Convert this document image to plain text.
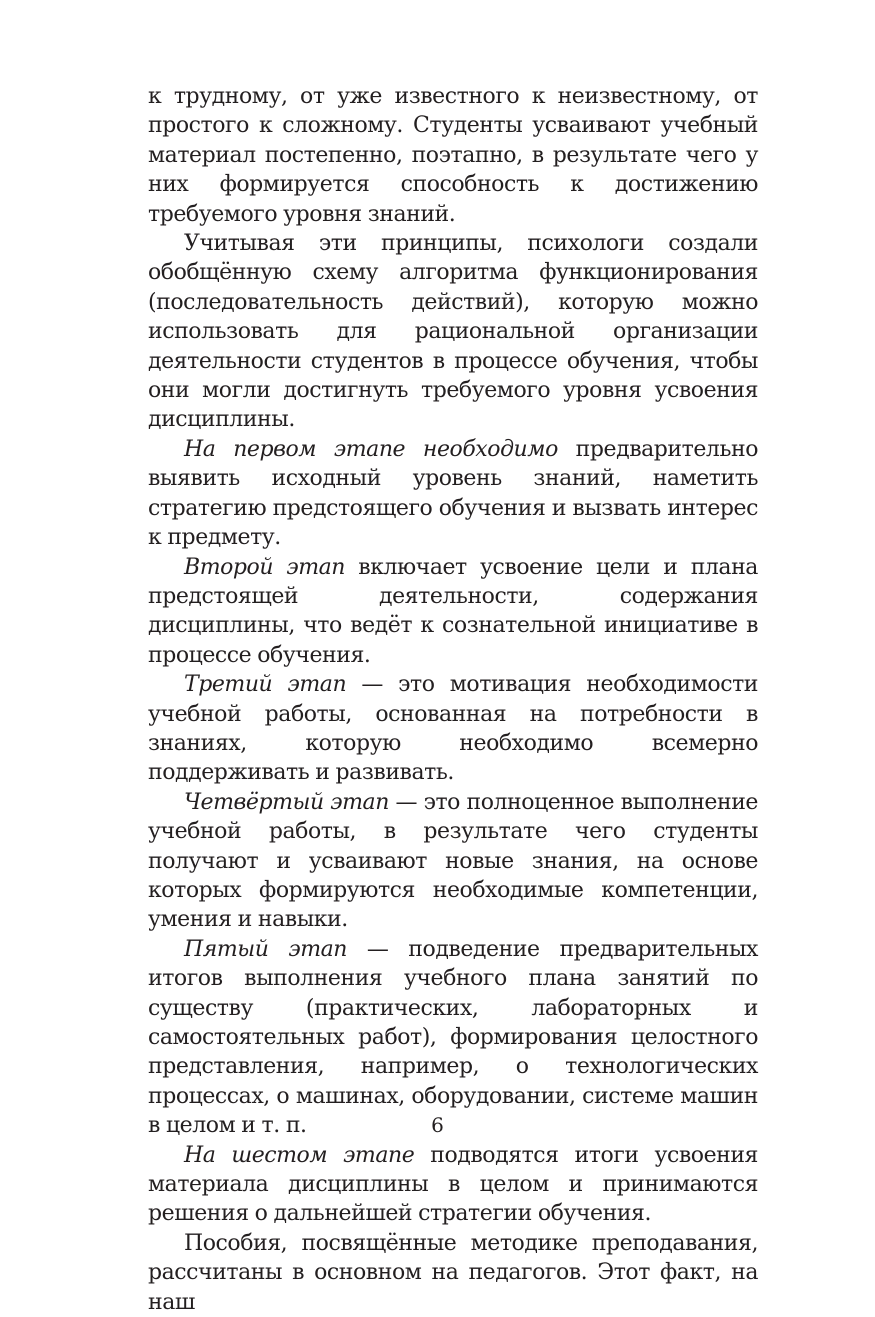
к трудному, от уже известного к неизвестному, от простого к сложному. Студенты усваивают учебный материал постепенно, поэтапно, в результате чего у них формируется способность к достижению требуемого уровня знаний.

Учитывая эти принципы, психологи создали обобщённую схему алгоритма функционирования (последовательность действий), которую можно использовать для рациональной организации деятельности студентов в процессе обучения, чтобы они могли достигнуть требуемого уровня усвоения дисциплины.

На первом этапе необходимо предварительно выявить исходный уровень знаний, наметить стратегию предстоящего обучения и вызвать интерес к предмету.

Второй этап включает усвоение цели и плана предстоящей деятельности, содержания дисциплины, что ведёт к сознательной инициативе в процессе обучения.

Третий этап — это мотивация необходимости учебной работы, основанная на потребности в знаниях, которую необходимо всемерно поддерживать и развивать.

Четвёртый этап — это полноценное выполнение учебной работы, в результате чего студенты получают и усваивают новые знания, на основе которых формируются необходимые компетенции, умения и навыки.

Пятый этап — подведение предварительных итогов выполнения учебного плана занятий по существу (практических, лабораторных и самостоятельных работ), формирования целостного представления, например, о технологических процессах, о машинах, оборудовании, системе машин в целом и т. п.

На шестом этапе подводятся итоги усвоения материала дисциплины в целом и принимаются решения о дальнейшей стратегии обучения.

Пособия, посвящённые методике преподавания, рассчитаны в основном на педагогов. Этот факт, на наш

6
